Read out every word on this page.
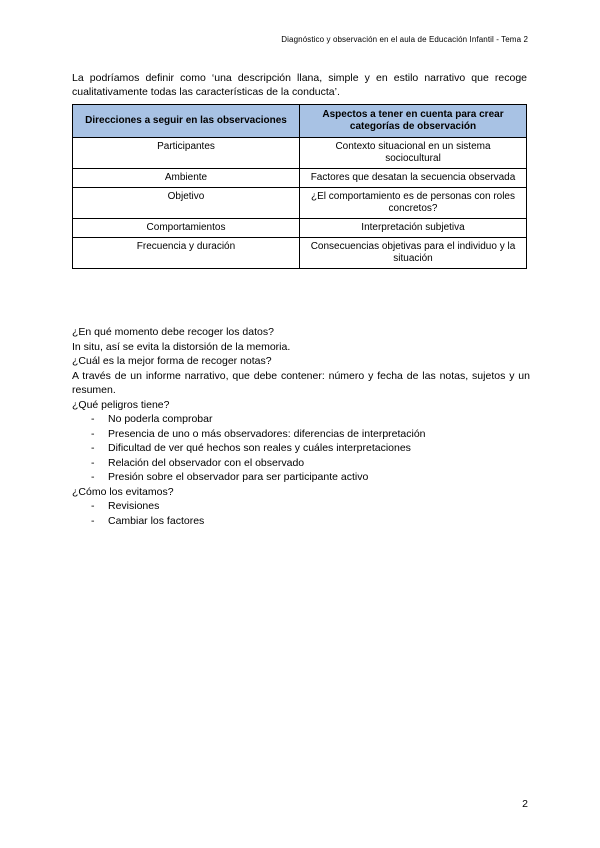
Diagnóstico y observación en el aula de Educación Infantil - Tema 2

La podríamos definir como ‘una descripción llana, simple y en estilo narrativo que recoge cualitativamente todas las características de la conducta’.

Direcciones a seguir en las observaciones	Aspectos a tener en cuenta para crear categorías de observación
Participantes	Contexto situacional en un sistema sociocultural
Ambiente	Factores que desatan la secuencia observada
Objetivo	¿El comportamiento es de personas con roles concretos?
Comportamientos	Interpretación subjetiva
Frecuencia y duración	Consecuencias objetivas para el individuo y la situación

¿En qué momento debe recoger los datos?

In situ, así se evita la distorsión de la memoria.

¿Cuál es la mejor forma de recoger notas?

A través de un informe narrativo, que debe contener: número y fecha de las notas, sujetos y un resumen.

¿Qué peligros tiene?

- No poderla comprobar
- Presencia de uno o más observadores: diferencias de interpretación
- Dificultad de ver qué hechos son reales y cuáles interpretaciones
- Relación del observador con el observado
- Presión sobre el observador para ser participante activo

¿Cómo los evitamos?

- Revisiones
- Cambiar los factores
2
